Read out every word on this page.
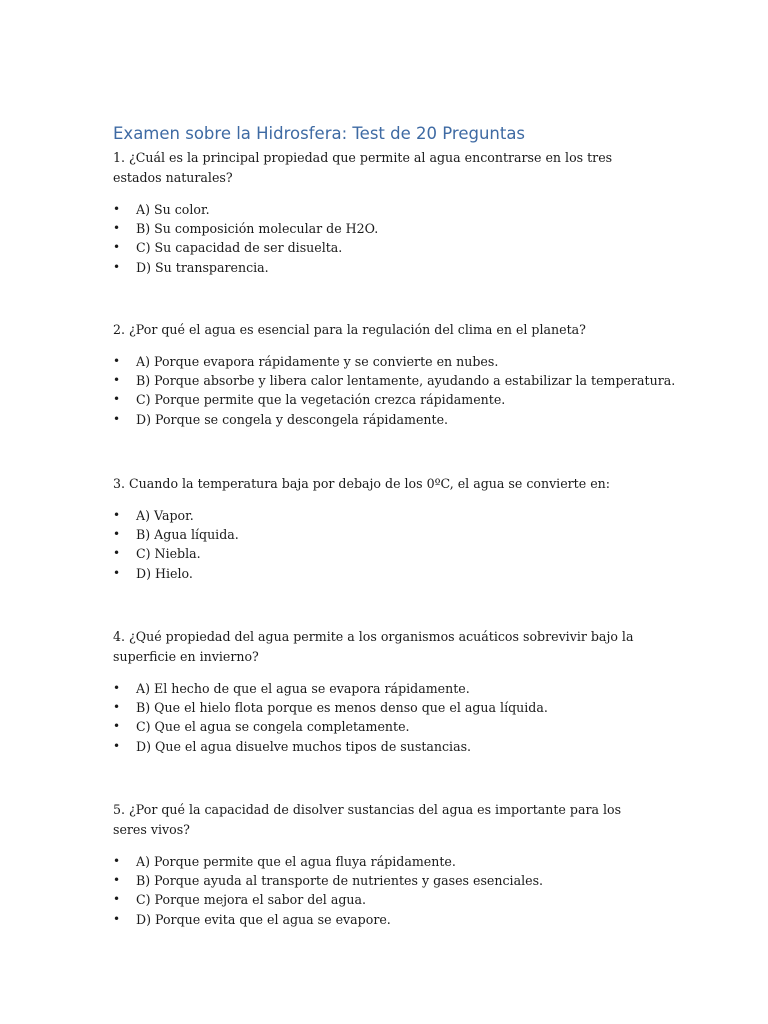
Examen sobre la Hidrosfera: Test de 20 Preguntas

1. ¿Cuál es la principal propiedad que permite al agua encontrarse en los tres estados naturales?

• A) Su color.
• B) Su composición molecular de H2O.
• C) Su capacidad de ser disuelta.
• D) Su transparencia.

2. ¿Por qué el agua es esencial para la regulación del clima en el planeta?

• A) Porque evapora rápidamente y se convierte en nubes.
• B) Porque absorbe y libera calor lentamente, ayudando a estabilizar la temperatura.
• C) Porque permite que la vegetación crezca rápidamente.
• D) Porque se congela y descongela rápidamente.

3. Cuando la temperatura baja por debajo de los 0ºC, el agua se convierte en:

• A) Vapor.
• B) Agua líquida.
• C) Niebla.
• D) Hielo.

4. ¿Qué propiedad del agua permite a los organismos acuáticos sobrevivir bajo la superficie en invierno?

• A) El hecho de que el agua se evapora rápidamente.
• B) Que el hielo flota porque es menos denso que el agua líquida.
• C) Que el agua se congela completamente.
• D) Que el agua disuelve muchos tipos de sustancias.

5. ¿Por qué la capacidad de disolver sustancias del agua es importante para los seres vivos?

• A) Porque permite que el agua fluya rápidamente.
• B) Porque ayuda al transporte de nutrientes y gases esenciales.
• C) Porque mejora el sabor del agua.
• D) Porque evita que el agua se evapore.
